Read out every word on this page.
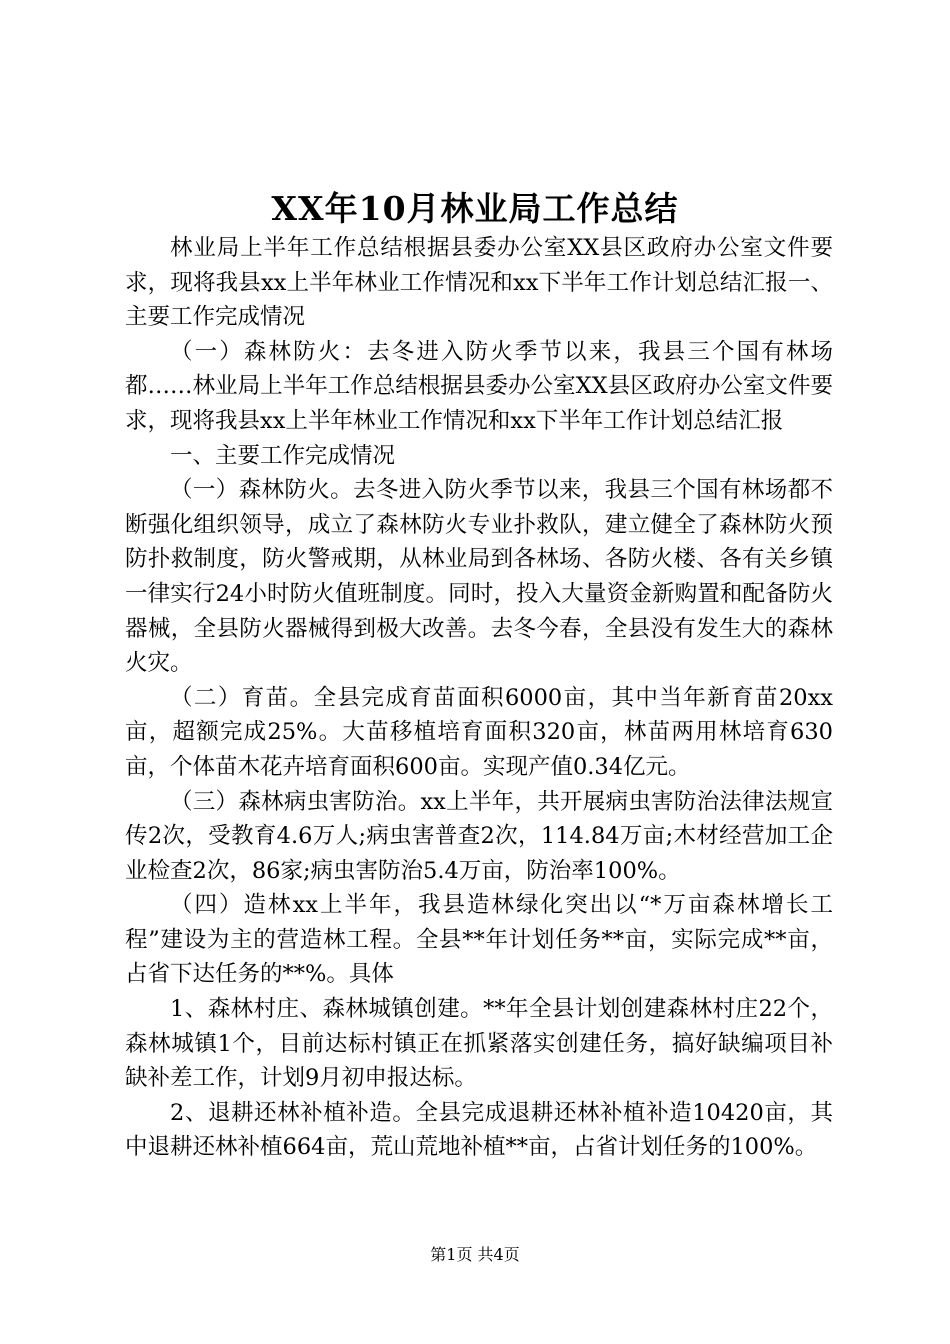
XX年10月林业局工作总结

林业局上半年工作总结根据县委办公室XX县区政府办公室文件要求，现将我县xx上半年林业工作情况和xx下半年工作计划总结汇报一、主要工作完成情况

（一）森林防火：去冬进入防火季节以来，我县三个国有林场都……林业局上半年工作总结根据县委办公室XX县区政府办公室文件要求，现将我县xx上半年林业工作情况和xx下半年工作计划总结汇报

一、主要工作完成情况

（一）森林防火。去冬进入防火季节以来，我县三个国有林场都不断强化组织领导，成立了森林防火专业扑救队，建立健全了森林防火预防扑救制度，防火警戒期，从林业局到各林场、各防火楼、各有关乡镇一律实行24小时防火值班制度。同时，投入大量资金新购置和配备防火器械，全县防火器械得到极大改善。去冬今春，全县没有发生大的森林火灾。

（二）育苗。全县完成育苗面积6000亩，其中当年新育苗20xx亩，超额完成25%。大苗移植培育面积320亩，林苗两用林培育630亩，个体苗木花卉培育面积600亩。实现产值0.34亿元。

（三）森林病虫害防治。xx上半年，共开展病虫害防治法律法规宣传2次，受教育4.6万人;病虫害普查2次，114.84万亩;木材经营加工企业检查2次，86家;病虫害防治5.4万亩，防治率100%。

（四）造林xx上半年，我县造林绿化突出以“*万亩森林增长工程”建设为主的营造林工程。全县**年计划任务**亩，实际完成**亩，占省下达任务的**%。具体

1、森林村庄、森林城镇创建。**年全县计划创建森林村庄22个，森林城镇1个，目前达标村镇正在抓紧落实创建任务，搞好缺编项目补缺补差工作，计划9月初申报达标。

2、退耕还林补植补造。全县完成退耕还林补植补造10420亩，其中退耕还林补植664亩，荒山荒地补植**亩，占省计划任务的100%。

第1页 共4页
